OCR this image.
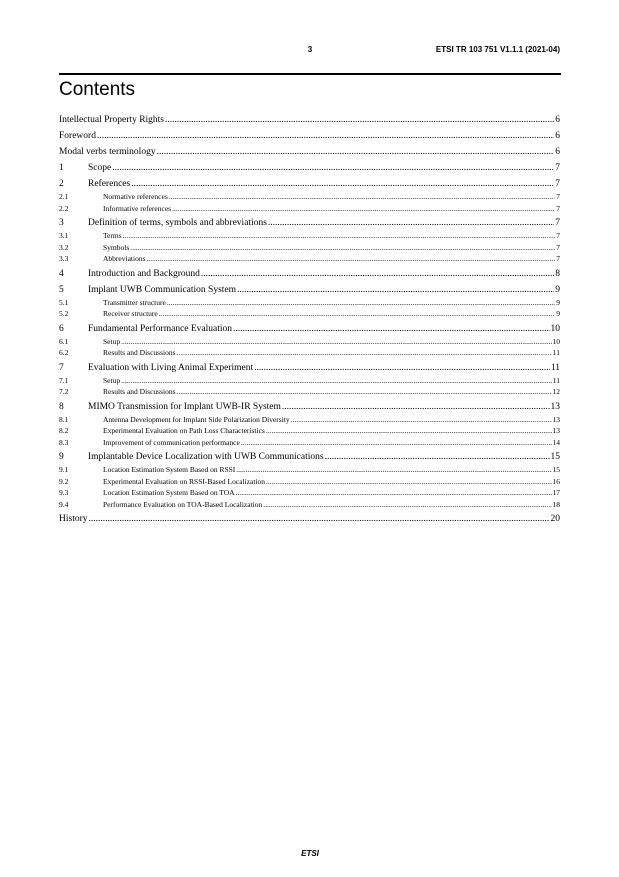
3	ETSI TR 103 751 V1.1.1 (2021-04)
Contents
Intellectual Property Rights .....	6
Foreword .....	6
Modal verbs terminology .....	6
1	Scope .....	7
2	References .....	7
2.1	Normative references .....	7
2.2	Informative references .....	7
3	Definition of terms, symbols and abbreviations .....	7
3.1	Terms .....	7
3.2	Symbols .....	7
3.3	Abbreviations .....	7
4	Introduction and Background .....	8
5	Implant UWB Communication System .....	9
5.1	Transmitter structure .....	9
5.2	Receiver structure .....	9
6	Fundamental Performance Evaluation .....	10
6.1	Setup .....	10
6.2	Results and Discussions .....	11
7	Evaluation with Living Animal Experiment .....	11
7.1	Setup .....	11
7.2	Results and Discussions .....	12
8	MIMO Transmission for Implant UWB-IR System .....	13
8.1	Antenna Development for Implant Side Polarization Diversity .....	13
8.2	Experimental Evaluation on Path Loss Characteristics .....	13
8.3	Improvement of communication performance .....	14
9	Implantable Device Localization with UWB Communications .....	15
9.1	Location Estimation System Based on RSSI .....	15
9.2	Experimental Evaluation on RSSI-Based Localization .....	16
9.3	Location Estimation System Based on TOA .....	17
9.4	Performance Evaluation on TOA-Based Localization .....	18
History .....	20
ETSI
